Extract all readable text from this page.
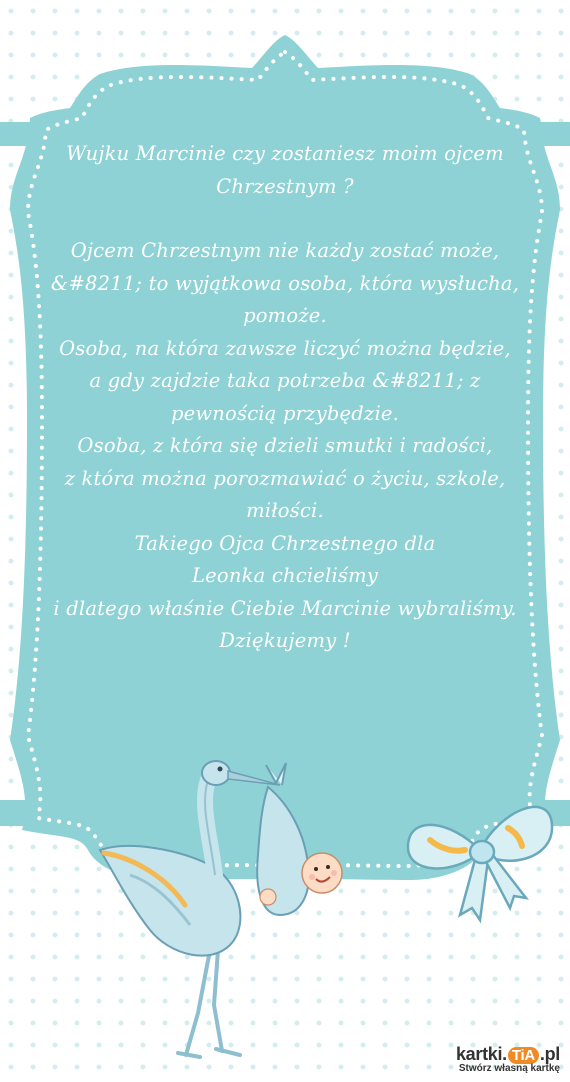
Wujku Marcinie czy zostaniesz moim ojcem Chrzestnym ?

Ojcem Chrzestnym nie każdy zostać może,

&#8211; to wyjątkowa osoba, która wysłucha, pomoże.

Osoba, na która zawsze liczyć można będzie,

a gdy zajdzie taka potrzeba &#8211; z pewnością przybędzie.

Osoba, z która się dzieli smutki i radości,

z która można porozmawiać o życiu, szkole, miłości.

Takiego Ojca Chrzestnego dla

Leonka chcieliśmy

i dlatego właśnie Ciebie Marcinie wybraliśmy.

Dziękujemy !

kartki. TiA .pl
Stwórz własną kartkę
